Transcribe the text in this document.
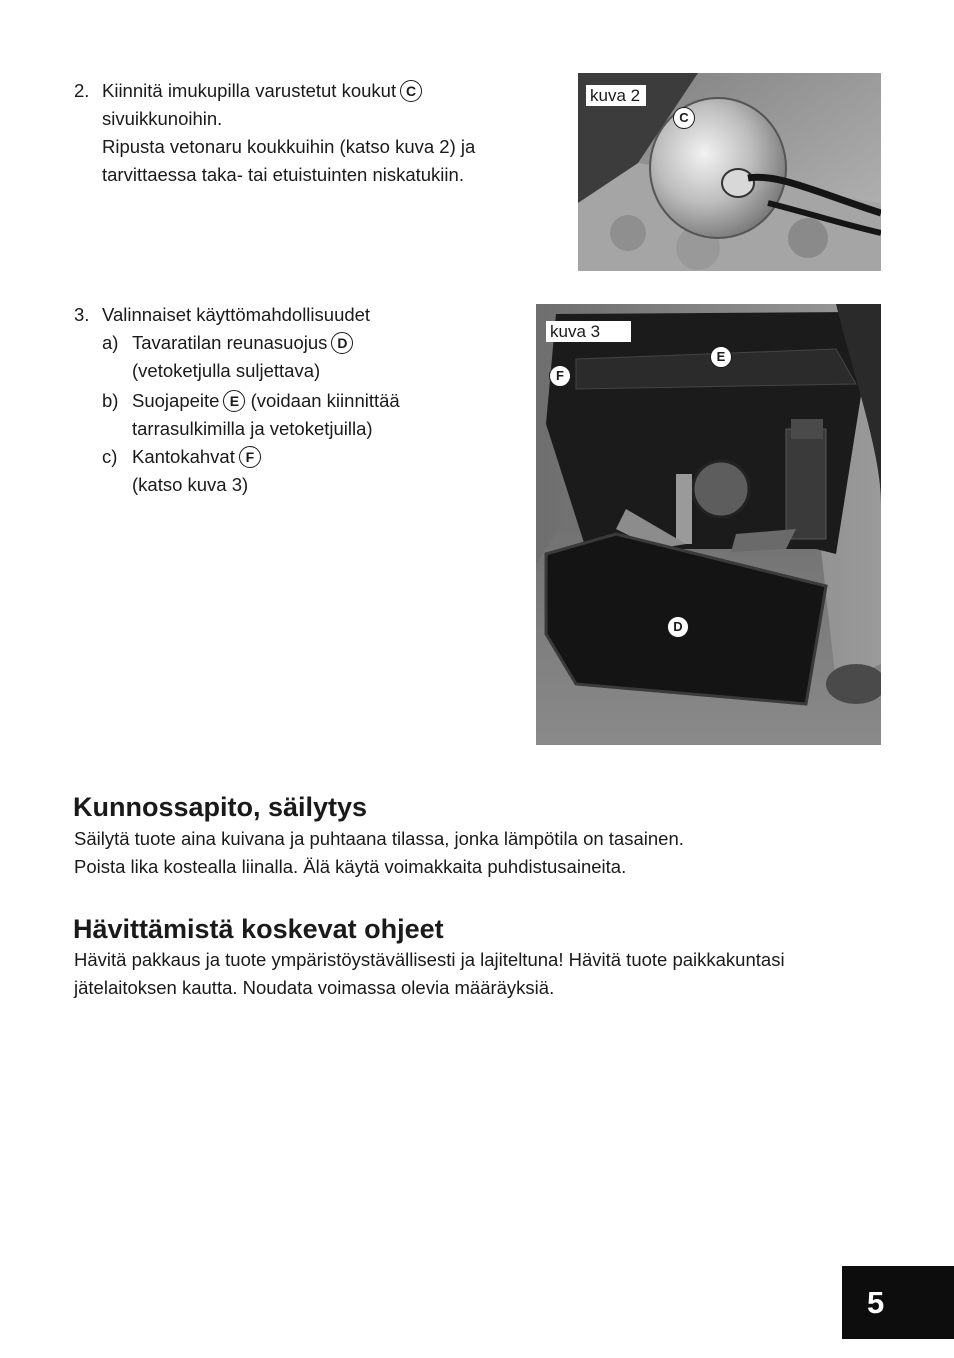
2. Kiinnitä imukupilla varustetut koukut C
sivuikkunoihin.
Ripusta vetonaru koukkuihin (katso kuva 2) ja
tarvittaessa taka- tai etuistuinten niskatukiin.
kuva 2
C
3. Valinnaiset käyttömahdollisuudet
a) Tavaratilan reunasuojus D
(vetoketjulla suljettava)
b) Suojapeite E (voidaan kiinnittää
tarrasulkimilla ja vetoketjuilla)
c) Kantokahvat F
(katso kuva 3)
kuva 3
E
F
D
Kunnossapito, säilytys
Säilytä tuote aina kuivana ja puhtaana tilassa, jonka lämpötila on tasainen.
Poista lika kostealla liinalla. Älä käytä voimakkaita puhdistusaineita.
Hävittämistä koskevat ohjeet
Hävitä pakkaus ja tuote ympäristöystävällisesti ja lajiteltuna! Hävitä tuote paikkakuntasi
jätelaitoksen kautta. Noudata voimassa olevia määräyksiä.
5
